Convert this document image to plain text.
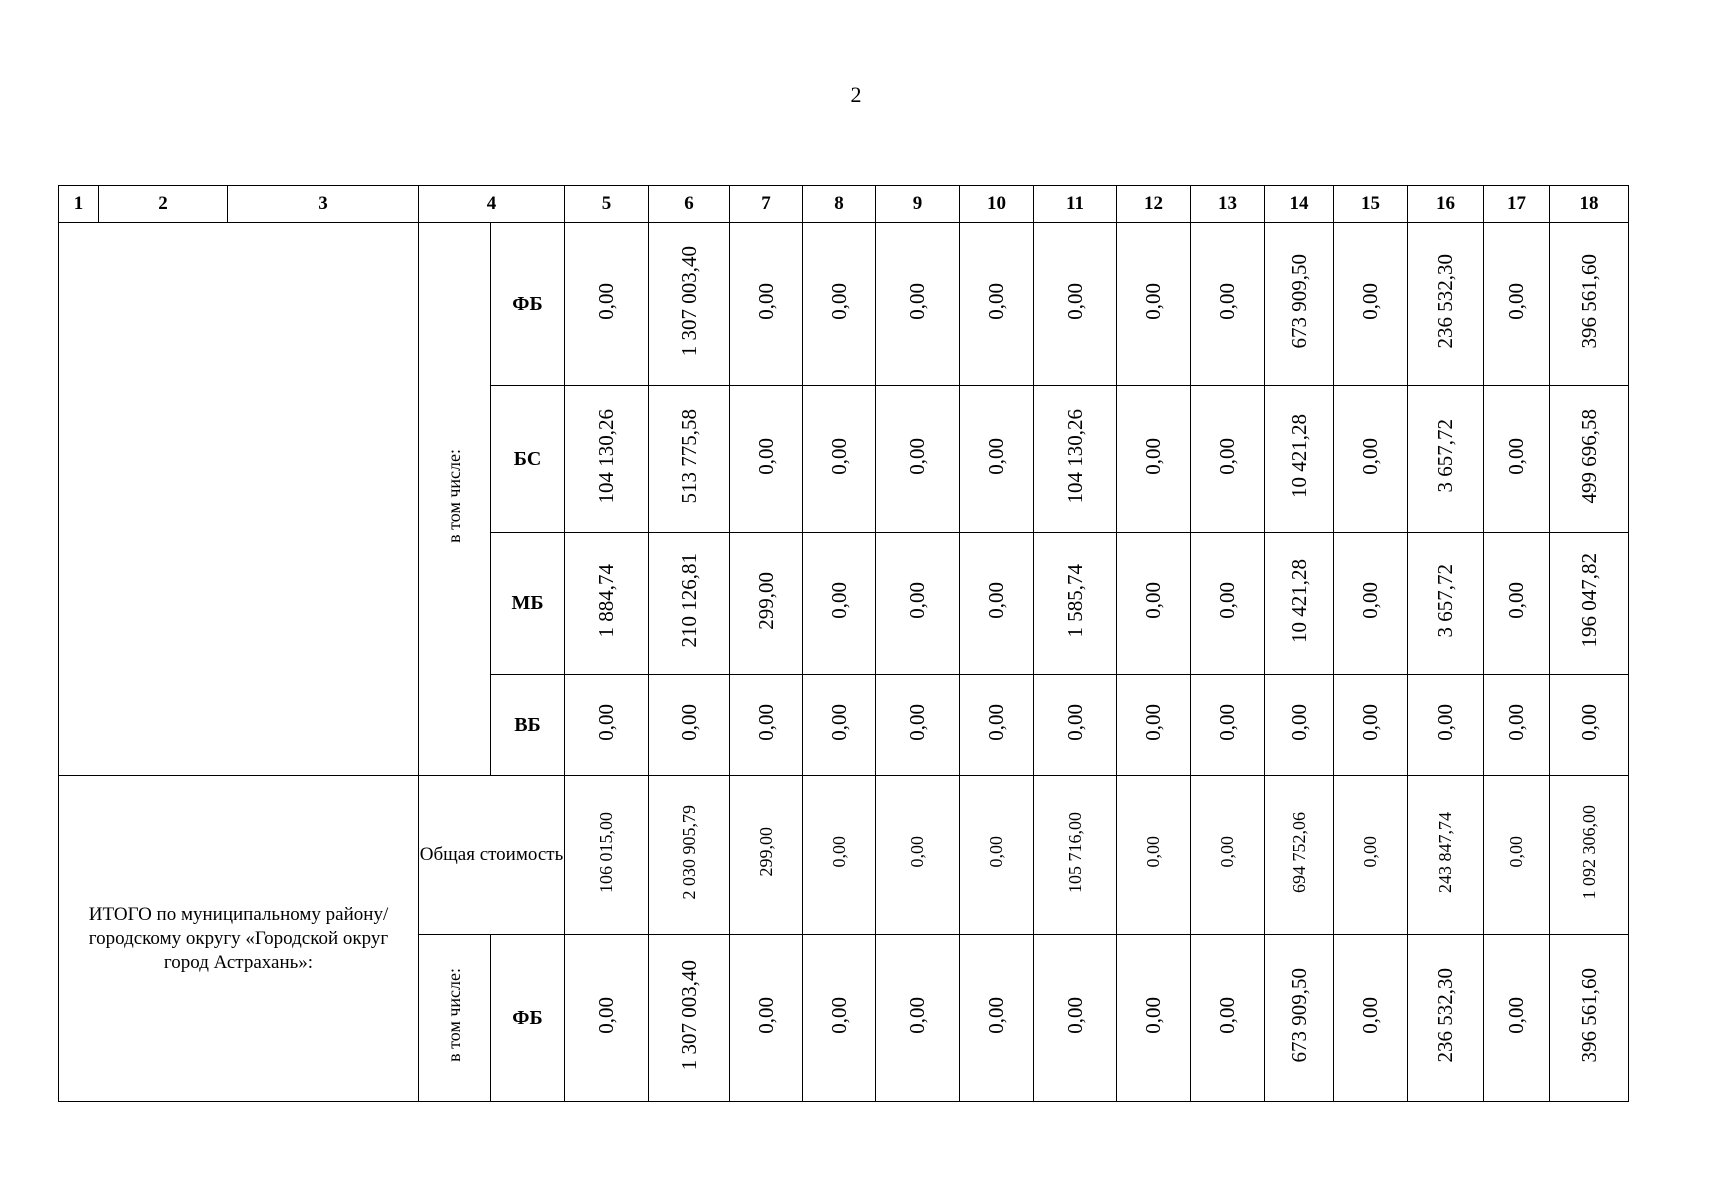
2
1	2	3	4		5	6	7	8	9	10	11	12	13	14	15	16	17	18
			в том числе:	ФБ	0,00	1 307 003,40	0,00	0,00	0,00	0,00	0,00	0,00	0,00	673 909,50	0,00	236 532,30	0,00	396 561,60
				БС	104 130,26	513 775,58	0,00	0,00	0,00	0,00	104 130,26	0,00	0,00	10 421,28	0,00	3 657,72	0,00	499 696,58
				МБ	1 884,74	210 126,81	299,00	0,00	0,00	0,00	1 585,74	0,00	0,00	10 421,28	0,00	3 657,72	0,00	196 047,82
				ВБ	0,00	0,00	0,00	0,00	0,00	0,00	0,00	0,00	0,00	0,00	0,00	0,00	0,00	0,00
ИТОГО по муниципальному району/ городскому округу «Городской округ город Астрахань»:			Общая стоимость		106 015,00	2 030 905,79	299,00	0,00	0,00	0,00	105 716,00	0,00	0,00	694 752,06	0,00	243 847,74	0,00	1 092 306,00
			в том числе:	ФБ	0,00	1 307 003,40	0,00	0,00	0,00	0,00	0,00	0,00	0,00	673 909,50	0,00	236 532,30	0,00	396 561,60
